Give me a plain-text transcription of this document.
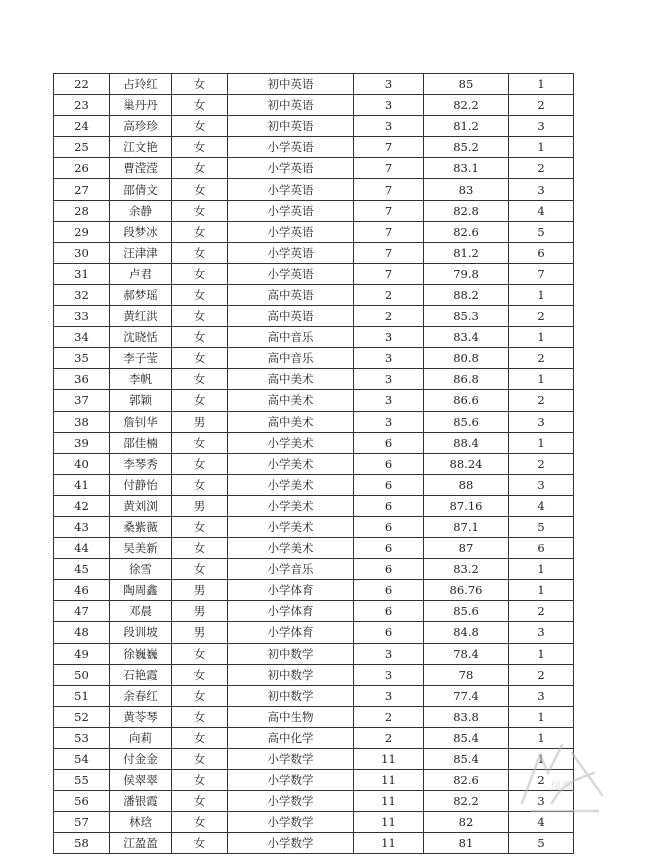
22	占玲红	女	初中英语	3	85	1
23	巢丹丹	女	初中英语	3	82.2	2
24	高珍珍	女	初中英语	3	81.2	3
25	江文艳	女	小学英语	7	85.2	1
26	曹滢滢	女	小学英语	7	83.1	2
27	邵倩文	女	小学英语	7	83	3
28	余静	女	小学英语	7	82.8	4
29	段梦冰	女	小学英语	7	82.6	5
30	汪津津	女	小学英语	7	81.2	6
31	卢君	女	小学英语	7	79.8	7
32	郝梦瑶	女	高中英语	2	88.2	1
33	黄红洪	女	高中英语	2	85.3	2
34	沈晓恬	女	高中音乐	3	83.4	1
35	李子莹	女	高中音乐	3	80.8	2
36	李帆	女	高中美术	3	86.8	1
37	郭颖	女	高中美术	3	86.6	2
38	詹钊华	男	高中美术	3	85.6	3
39	邵佳楠	女	小学美术	6	88.4	1
40	李琴秀	女	小学美术	6	88.24	2
41	付静怡	女	小学美术	6	88	3
42	黄刘浏	男	小学美术	6	87.16	4
43	桑紫薇	女	小学美术	6	87.1	5
44	吴美新	女	小学美术	6	87	6
45	徐雪	女	小学音乐	6	83.2	1
46	陶周鑫	男	小学体育	6	86.76	1
47	邓晨	男	小学体育	6	85.6	2
48	段训坡	男	小学体育	6	84.8	3
49	徐巍巍	女	初中数学	3	78.4	1
50	石艳霞	女	初中数学	3	78	2
51	余春红	女	初中数学	3	77.4	3
52	黄苓琴	女	高中生物	2	83.8	1
53	向莉	女	高中化学	2	85.4	1
54	付金金	女	小学数学	11	85.4	1
55	侯翠翠	女	小学数学	11	82.6	2
56	潘银霞	女	小学数学	11	82.2	3
57	林琀	女	小学数学	11	82	4
58	江盈盈	女	小学数学	11	81	5
凤凰
